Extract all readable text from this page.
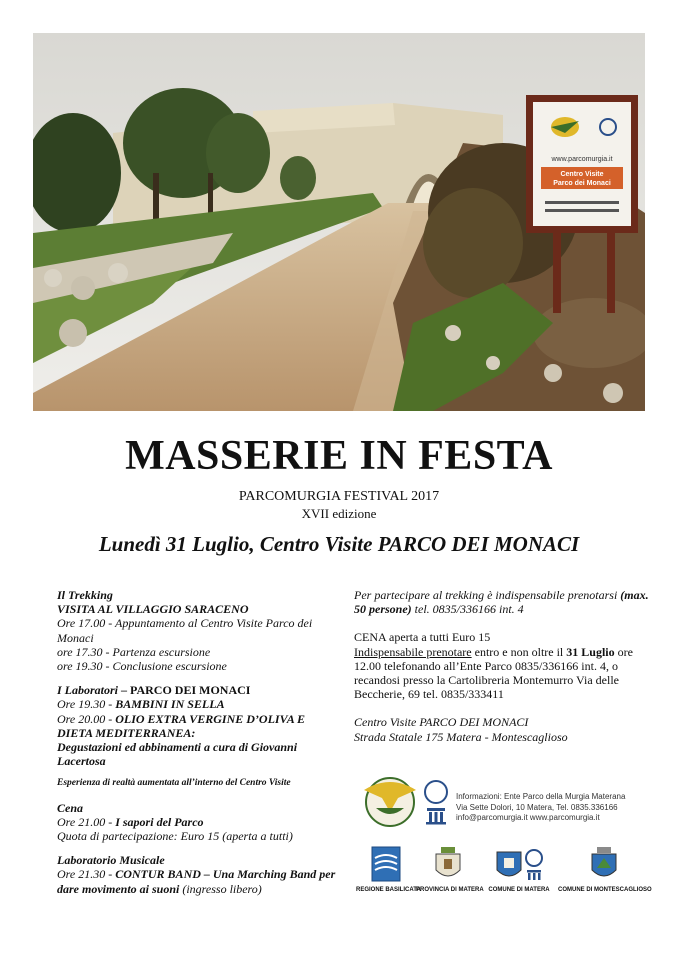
www.parcomurgia.it
Centro Visite
Parco dei Monaci
MASSERIE IN FESTA
PARCOMURGIA FESTIVAL 2017
XVII edizione
Lunedì 31 Luglio, Centro Visite PARCO DEI MONACI
Il Trekking
VISITA AL VILLAGGIO SARACENO
Ore 17.00 - Appuntamento al Centro Visite Parco dei Monaci
ore 17.30 - Partenza escursione
ore 19.30 - Conclusione escursione
I Laboratori – PARCO DEI MONACI
Ore 19.30 - BAMBINI IN SELLA
Ore 20.00 - OLIO EXTRA VERGINE D’OLIVA E DIETA MEDITERRANEA:
Degustazioni ed abbinamenti a cura di Giovanni Lacertosa
Esperienza di realtà aumentata all’interno del Centro Visite
Cena
Ore 21.00 - I sapori del Parco
Quota di partecipazione: Euro 15 (aperta a tutti)
Laboratorio Musicale
Ore 21.30 - CONTUR BAND – Una Marching Band per dare movimento ai suoni (ingresso libero)
Per partecipare al trekking è indispensabile prenotarsi (max. 50 persone) tel. 0835/336166 int. 4
CENA aperta a tutti Euro 15
Indispensabile prenotare entro e non oltre il 31 Luglio ore 12.00 telefonando all’Ente Parco 0835/336166 int. 4, o recandosi presso la Cartolibreria Montemurro Via delle Beccherie, 69 tel. 0835/333411
Centro Visite PARCO DEI MONACI
Strada Statale 175 Matera - Montescaglioso
Informazioni: Ente Parco della Murgia Materana
Via Sette Dolori, 10 Matera, Tel. 0835.336166
info@parcomurgia.it www.parcomurgia.it
REGIONE BASILICATA
PROVINCIA DI MATERA COMUNE DI MATERA	COMUNE DI MONTESCAGLIOSO
